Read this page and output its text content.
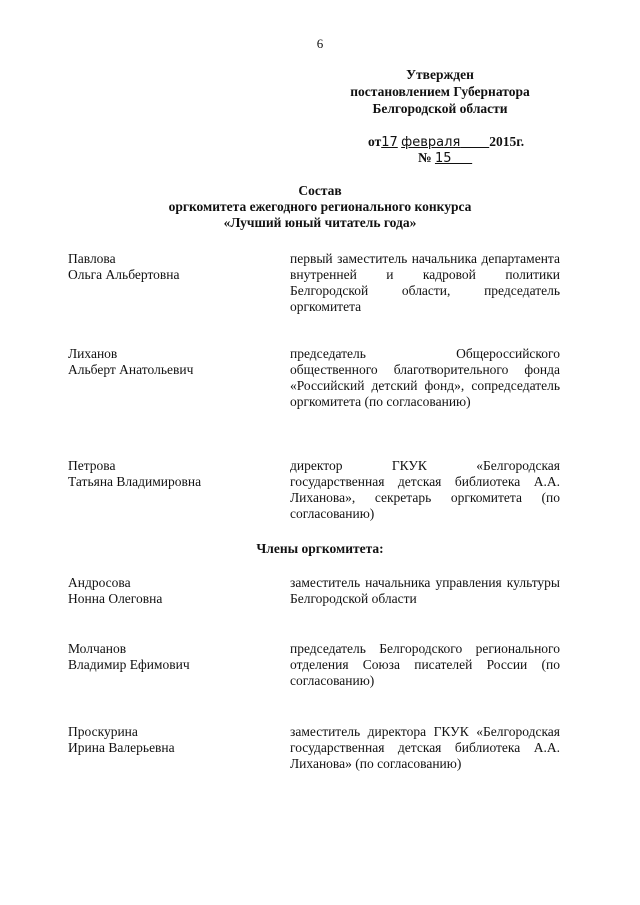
6
Утвержден
постановлением Губернатора
Белгородской области
от17 февраля 2015г.
№ 15
Состав
оргкомитета ежегодного регионального конкурса
«Лучший юный читатель года»
Павлова
Ольга Альбертовна
первый заместитель начальника департамента внутренней и кадровой политики Белгородской области, председатель оргкомитета
Лиханов
Альберт Анатольевич
председатель Общероссийского общественного благотворительного фонда «Российский детский фонд», сопредседатель оргкомитета (по согласованию)
Петрова
Татьяна Владимировна
директор ГКУК «Белгородская государственная детская библиотека А.А. Лиханова», секретарь оргкомитета (по согласованию)
Члены оргкомитета:
Андросова
Нонна Олеговна
заместитель начальника управления культуры Белгородской области
Молчанов
Владимир Ефимович
председатель Белгородского регионального отделения Союза писателей России (по согласованию)
Проскурина
Ирина Валерьевна
заместитель директора ГКУК «Белгородская государственная детская библиотека А.А. Лиханова» (по согласованию)
